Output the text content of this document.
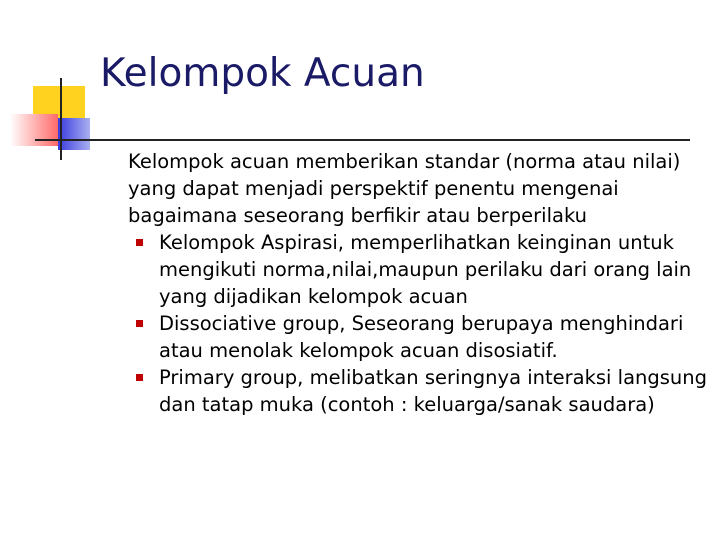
Kelompok Acuan

Kelompok acuan memberikan standar (norma atau nilai) yang dapat menjadi perspektif penentu mengenai bagaimana seseorang berfikir atau berperilaku

Kelompok Aspirasi, memperlihatkan keinginan untuk mengikuti norma,nilai,maupun perilaku dari orang lain yang dijadikan kelompok acuan
Dissociative group, Seseorang berupaya menghindari atau menolak kelompok acuan disosiatif.
Primary group, melibatkan seringnya interaksi langsung dan tatap muka (contoh : keluarga/sanak saudara)
